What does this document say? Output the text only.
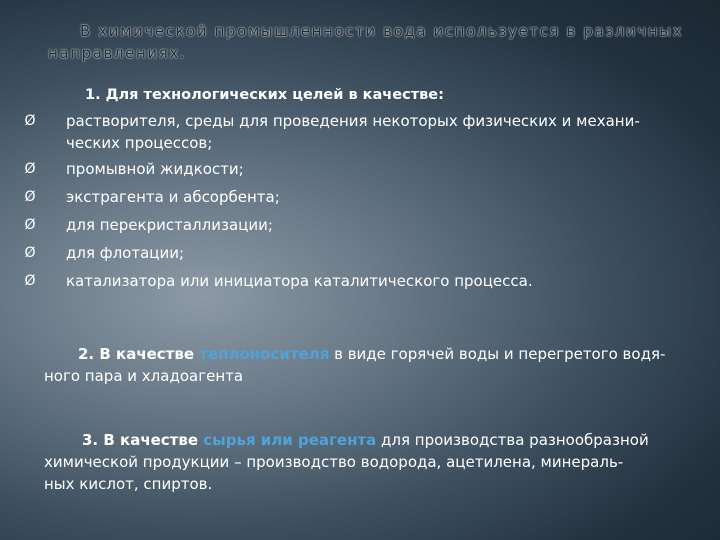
В химической промышленности вода используется в различных
направлениях.
1. Для технологических целей в качестве:
Ø растворителя, среды для проведения некоторых физических и механи-
ческих процессов;
Ø промывной жидкости;
Ø экстрагента и абсорбента;
Ø для перекристаллизации;
Ø для флотации;
Ø катализатора или инициатора каталитического процесса.
2. В качестве теплоносителя в виде горячей воды и перегретого водя-
ного пара и хладоагента
3. В качестве сырья или реагента для производства разнообразной
химической продукции – производство водорода, ацетилена, минераль-
ных кислот, спиртов.
